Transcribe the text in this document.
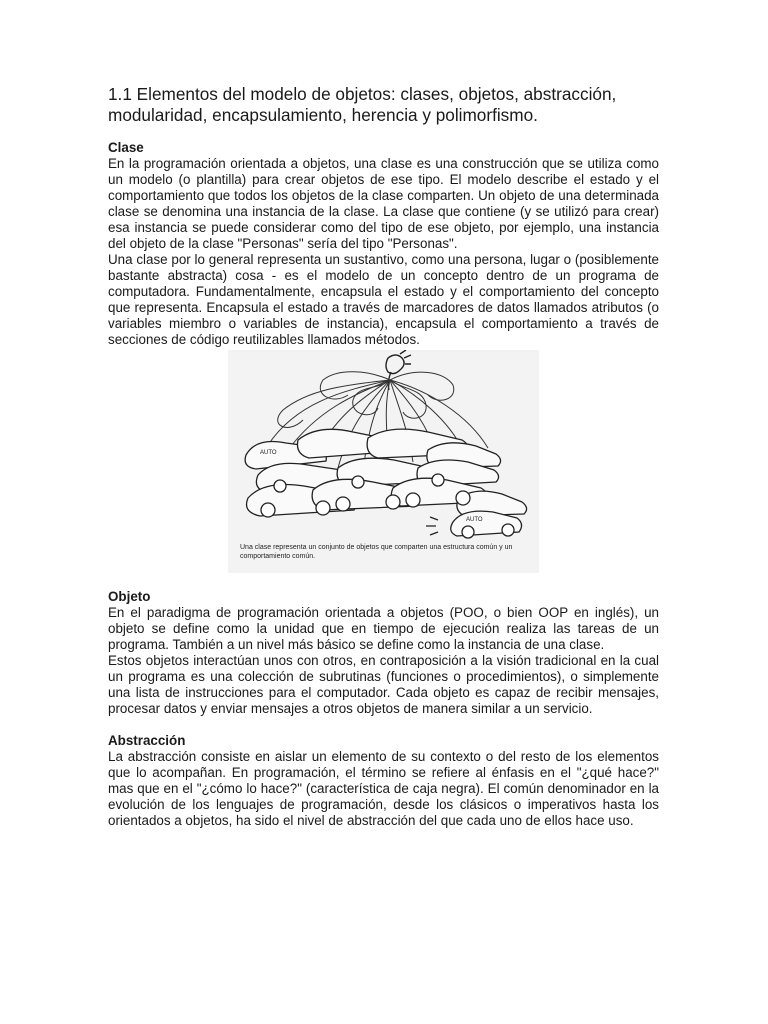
1.1 Elementos del modelo de objetos: clases, objetos, abstracción, modularidad, encapsulamiento, herencia y polimorfismo.

Clase

En la programación orientada a objetos, una clase es una construcción que se utiliza como un modelo (o plantilla) para crear objetos de ese tipo. El modelo describe el estado y el comportamiento que todos los objetos de la clase comparten. Un objeto de una determinada clase se denomina una instancia de la clase. La clase que contiene (y se utilizó para crear) esa instancia se puede considerar como del tipo de ese objeto, por ejemplo, una instancia del objeto de la clase "Personas" sería del tipo "Personas".

Una clase por lo general representa un sustantivo, como una persona, lugar o (posiblemente bastante abstracta) cosa - es el modelo de un concepto dentro de un programa de computadora. Fundamentalmente, encapsula el estado y el comportamiento del concepto que representa. Encapsula el estado a través de marcadores de datos llamados atributos (o variables miembro o variables de instancia), encapsula el comportamiento a través de secciones de código reutilizables llamados métodos.

AUTO
AUTO
Una clase representa un conjunto de objetos que comparten una estructura común y un comportamiento común.

Objeto

En el paradigma de programación orientada a objetos (POO, o bien OOP en inglés), un objeto se define como la unidad que en tiempo de ejecución realiza las tareas de un programa. También a un nivel más básico se define como la instancia de una clase.

Estos objetos interactúan unos con otros, en contraposición a la visión tradicional en la cual un programa es una colección de subrutinas (funciones o procedimientos), o simplemente una lista de instrucciones para el computador. Cada objeto es capaz de recibir mensajes, procesar datos y enviar mensajes a otros objetos de manera similar a un servicio.

Abstracción

La abstracción consiste en aislar un elemento de su contexto o del resto de los elementos que lo acompañan. En programación, el término se refiere al énfasis en el "¿qué hace?" mas que en el "¿cómo lo hace?" (característica de caja negra). El común denominador en la evolución de los lenguajes de programación, desde los clásicos o imperativos hasta los orientados a objetos, ha sido el nivel de abstracción del que cada uno de ellos hace uso.
